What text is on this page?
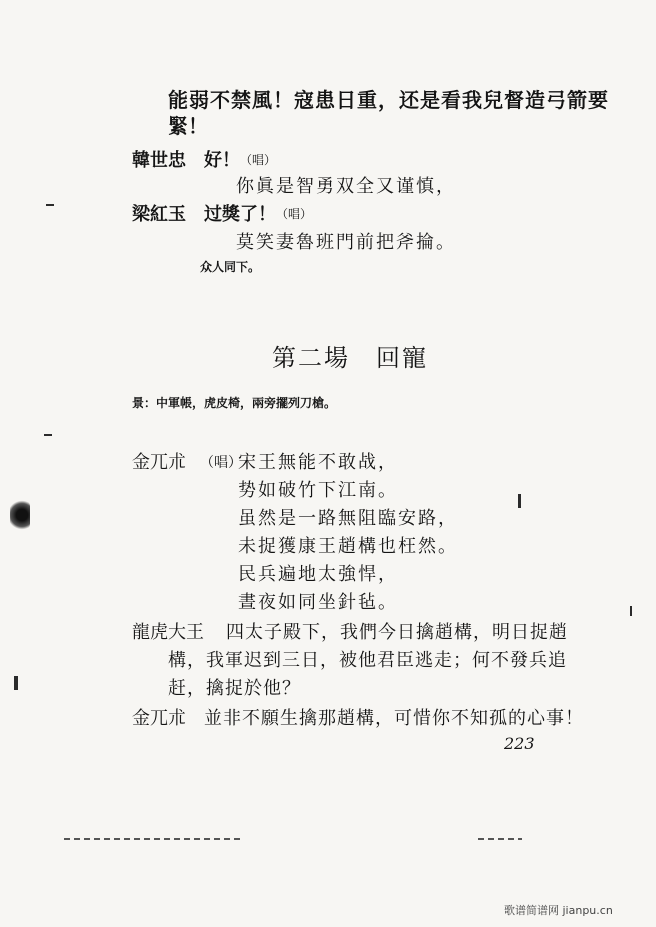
能弱不禁風！寇患日重，还是看我兒督造弓箭要
緊！
韓世忠 好！ （唱）
你眞是智勇双全又谨慎，
梁紅玉 过獎了！ （唱）
莫笑妻魯班門前把斧掄。
众人同下。
第二場　回寵
景：中軍帳，虎皮椅，兩旁擺列刀槍。
金兀朮 （唱）
宋王無能不敢战，
势如破竹下江南。
虽然是一路無阻臨安路，
未捉獲康王趙構也枉然。
民兵遍地太強悍，
晝夜如同坐針毡。
龍虎大王 四太子殿下，我們今日擒趙構，明日捉趙
構，我軍迟到三日，被他君臣逃走；何不發兵追
赶，擒捉於他？
金兀朮 並非不願生擒那趙構，可惜你不知孤的心事！
223
歌谱简谱网 jianpu.cn
